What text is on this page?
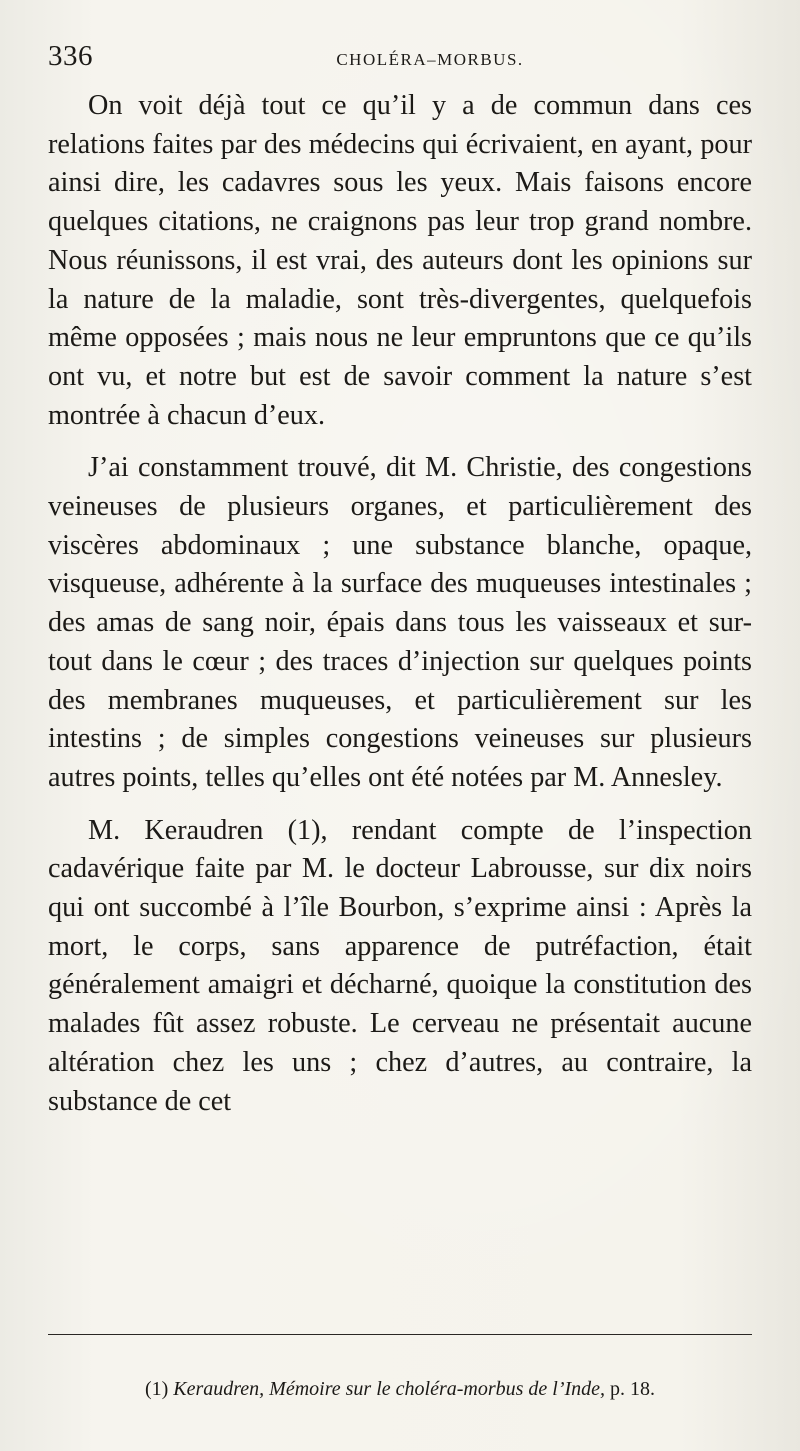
336	CHOLÉRA–MORBUS.

On voit déjà tout ce qu’il y a de commun dans ces relations faites par des médecins qui écrivaient, en ayant, pour ainsi dire, les cadavres sous les yeux. Mais faisons encore quelques citations, ne craignons pas leur trop grand nombre. Nous réunissons, il est vrai, des auteurs dont les opinions sur la nature de la maladie, sont très-divergentes, quelquefois même opposées ; mais nous ne leur empruntons que ce qu’ils ont vu, et notre but est de savoir comment la nature s’est montrée à chacun d’eux.

J’ai constamment trouvé, dit M. Christie, des congestions veineuses de plusieurs organes, et particulièrement des viscères abdominaux ; une substance blanche, opaque, visqueuse, adhérente à la surface des muqueuses intestinales ; des amas de sang noir, épais dans tous les vaisseaux et sur-tout dans le cœur ; des traces d’injection sur quelques points des membranes muqueuses, et particulièrement sur les intestins ; de simples congestions veineuses sur plusieurs autres points, telles qu’elles ont été notées par M. Annesley.

M. Keraudren (1), rendant compte de l’inspection cadavérique faite par M. le docteur Labrousse, sur dix noirs qui ont succombé à l’île Bourbon, s’exprime ainsi : Après la mort, le corps, sans apparence de putréfaction, était généralement amaigri et décharné, quoique la constitution des malades fût assez robuste. Le cerveau ne présentait aucune altération chez les uns ; chez d’autres, au contraire, la substance de cet

(1) Keraudren, Mémoire sur le choléra-morbus de l’Inde, p. 18.
